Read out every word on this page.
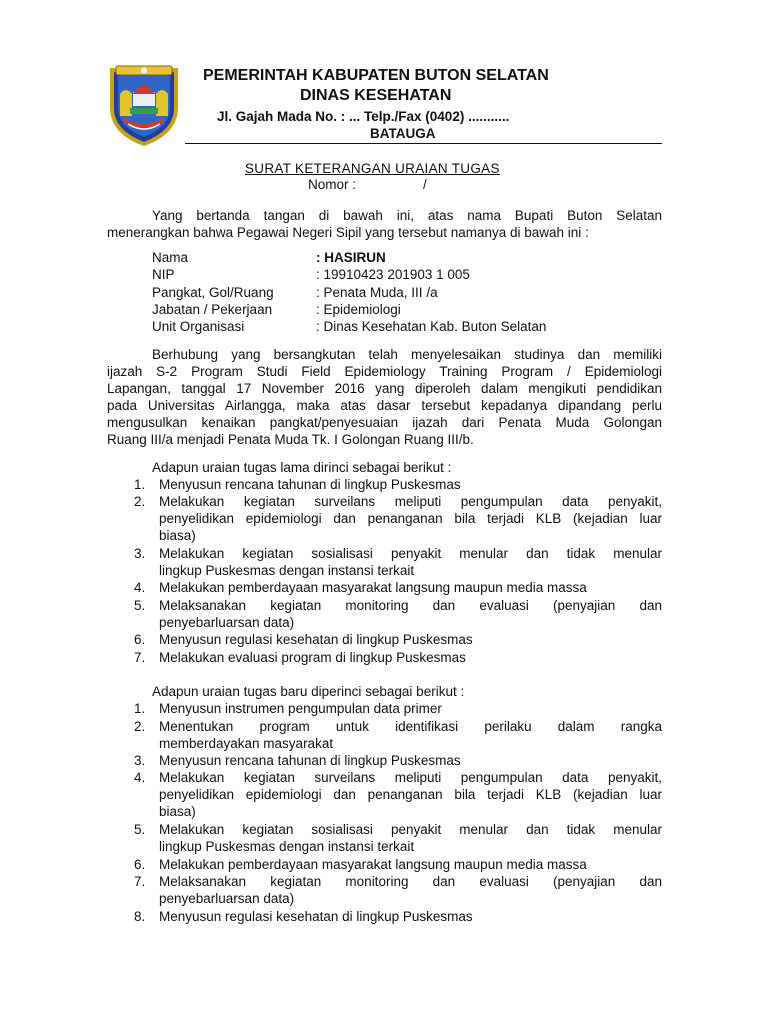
PEMERINTAH KABUPATEN BUTON SELATAN
DINAS KESEHATAN
Jl. Gajah Mada No. : ... Telp./Fax (0402) ...........
BATAUGA
SURAT KETERANGAN URAIAN TUGAS
Nomor :	/
Yang bertanda tangan di bawah ini, atas nama Bupati Buton Selatan
menerangkan bahwa Pegawai Negeri Sipil yang tersebut namanya di bawah ini :
Nama	: HASIRUN
NIP	: 19910423 201903 1 005
Pangkat, Gol/Ruang	: Penata Muda, III /a
Jabatan / Pekerjaan	: Epidemiologi
Unit Organisasi	: Dinas Kesehatan Kab. Buton Selatan
Berhubung yang bersangkutan telah menyelesaikan studinya dan memiliki
ijazah S-2 Program Studi Field Epidemiology Training Program / Epidemiologi
Lapangan, tanggal 17 November 2016 yang diperoleh dalam mengikuti pendidikan
pada Universitas Airlangga, maka atas dasar tersebut kepadanya dipandang perlu
mengusulkan kenaikan pangkat/penyesuaian ijazah dari Penata Muda Golongan
Ruang III/a menjadi Penata Muda Tk. I Golongan Ruang III/b.
Adapun uraian tugas lama dirinci sebagai berikut :
1. Menyusun rencana tahunan di lingkup Puskesmas
2. Melakukan kegiatan surveilans meliputi pengumpulan data penyakit,
penyelidikan epidemiologi dan penanganan bila terjadi KLB (kejadian luar
biasa)
3. Melakukan kegiatan sosialisasi penyakit menular dan tidak menular
lingkup Puskesmas dengan instansi terkait
4. Melakukan pemberdayaan masyarakat langsung maupun media massa
5. Melaksanakan kegiatan monitoring dan evaluasi (penyajian dan
penyebarluarsan data)
6. Menyusun regulasi kesehatan di lingkup Puskesmas
7. Melakukan evaluasi program di lingkup Puskesmas
Adapun uraian tugas baru diperinci sebagai berikut :
1. Menyusun instrumen pengumpulan data primer
2. Menentukan program untuk identifikasi perilaku dalam rangka
memberdayakan masyarakat
3. Menyusun rencana tahunan di lingkup Puskesmas
4. Melakukan kegiatan surveilans meliputi pengumpulan data penyakit,
penyelidikan epidemiologi dan penanganan bila terjadi KLB (kejadian luar
biasa)
5. Melakukan kegiatan sosialisasi penyakit menular dan tidak menular
lingkup Puskesmas dengan instansi terkait
6. Melakukan pemberdayaan masyarakat langsung maupun media massa
7. Melaksanakan kegiatan monitoring dan evaluasi (penyajian dan
penyebarluarsan data)
8. Menyusun regulasi kesehatan di lingkup Puskesmas
